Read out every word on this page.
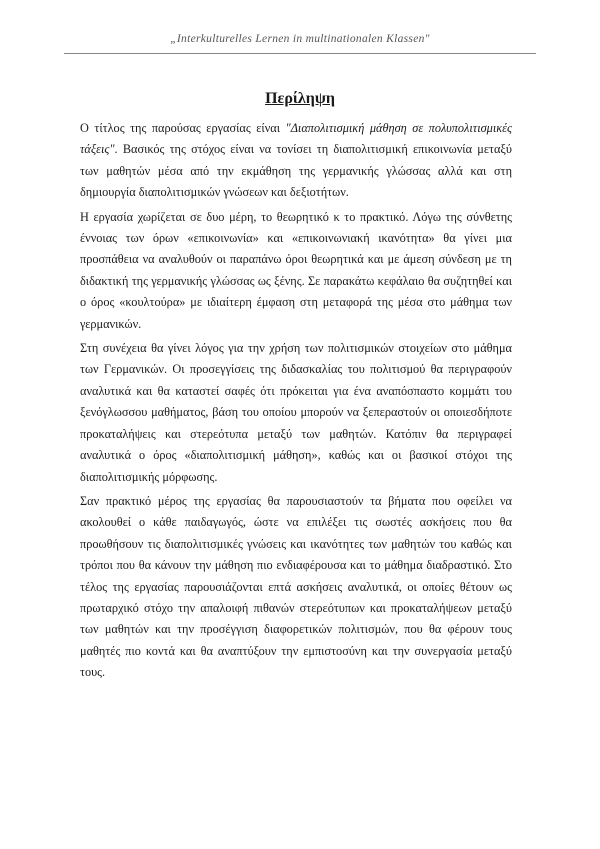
„Interkulturelles Lernen in multinationalen Klassen"
Περίληψη

Ο τίτλος της παρούσας εργασίας είναι "Διαπολιτισμική μάθηση σε πολυπολιτισμικές τάξεις". Βασικός της στόχος είναι να τονίσει τη διαπολιτισμική επικοινωνία μεταξύ των μαθητών μέσα από την εκμάθηση της γερμανικής γλώσσας αλλά και στη δημιουργία διαπολιτισμικών γνώσεων και δεξιοτήτων.

Η εργασία χωρίζεται σε δυο μέρη, το θεωρητικό κ το πρακτικό. Λόγω της σύνθετης έννοιας των όρων «επικοινωνία» και «επικοινωνιακή ικανότητα» θα γίνει μια προσπάθεια να αναλυθούν οι παραπάνω όροι θεωρητικά και με άμεση σύνδεση με τη διδακτική της γερμανικής γλώσσας ως ξένης. Σε παρακάτω κεφάλαιο θα συζητηθεί και ο όρος «κουλτούρα» με ιδιαίτερη έμφαση στη μεταφορά της μέσα στο μάθημα των γερμανικών.

Στη συνέχεια θα γίνει λόγος για την χρήση των πολιτισμικών στοιχείων στο μάθημα των Γερμανικών. Οι προσεγγίσεις της διδασκαλίας του πολιτισμού θα περιγραφούν αναλυτικά και θα καταστεί σαφές ότι πρόκειται για ένα αναπόσπαστο κομμάτι του ξενόγλωσσου μαθήματος, βάση του οποίου μπορούν να ξεπεραστούν οι οποιεσδήποτε προκαταλήψεις και στερεότυπα μεταξύ των μαθητών. Κατόπιν θα περιγραφεί αναλυτικά ο όρος «διαπολιτισμική μάθηση», καθώς και οι βασικοί στόχοι της διαπολιτισμικής μόρφωσης.

Σαν πρακτικό μέρος της εργασίας θα παρουσιαστούν τα βήματα που οφείλει να ακολουθεί ο κάθε παιδαγωγός, ώστε να επιλέξει τις σωστές ασκήσεις που θα προωθήσουν τις διαπολιτισμικές γνώσεις και ικανότητες των μαθητών του καθώς και τρόποι που θα κάνουν την μάθηση πιο ενδιαφέρουσα και το μάθημα διαδραστικό. Στο τέλος της εργασίας παρουσιάζονται επτά ασκήσεις αναλυτικά, οι οποίες θέτουν ως πρωταρχικό στόχο την απαλοιφή πιθανών στερεότυπων και προκαταλήψεων μεταξύ των μαθητών και την προσέγγιση διαφορετικών πολιτισμών, που θα φέρουν τους μαθητές πιο κοντά και θα αναπτύξουν την εμπιστοσύνη και την συνεργασία μεταξύ τους.
